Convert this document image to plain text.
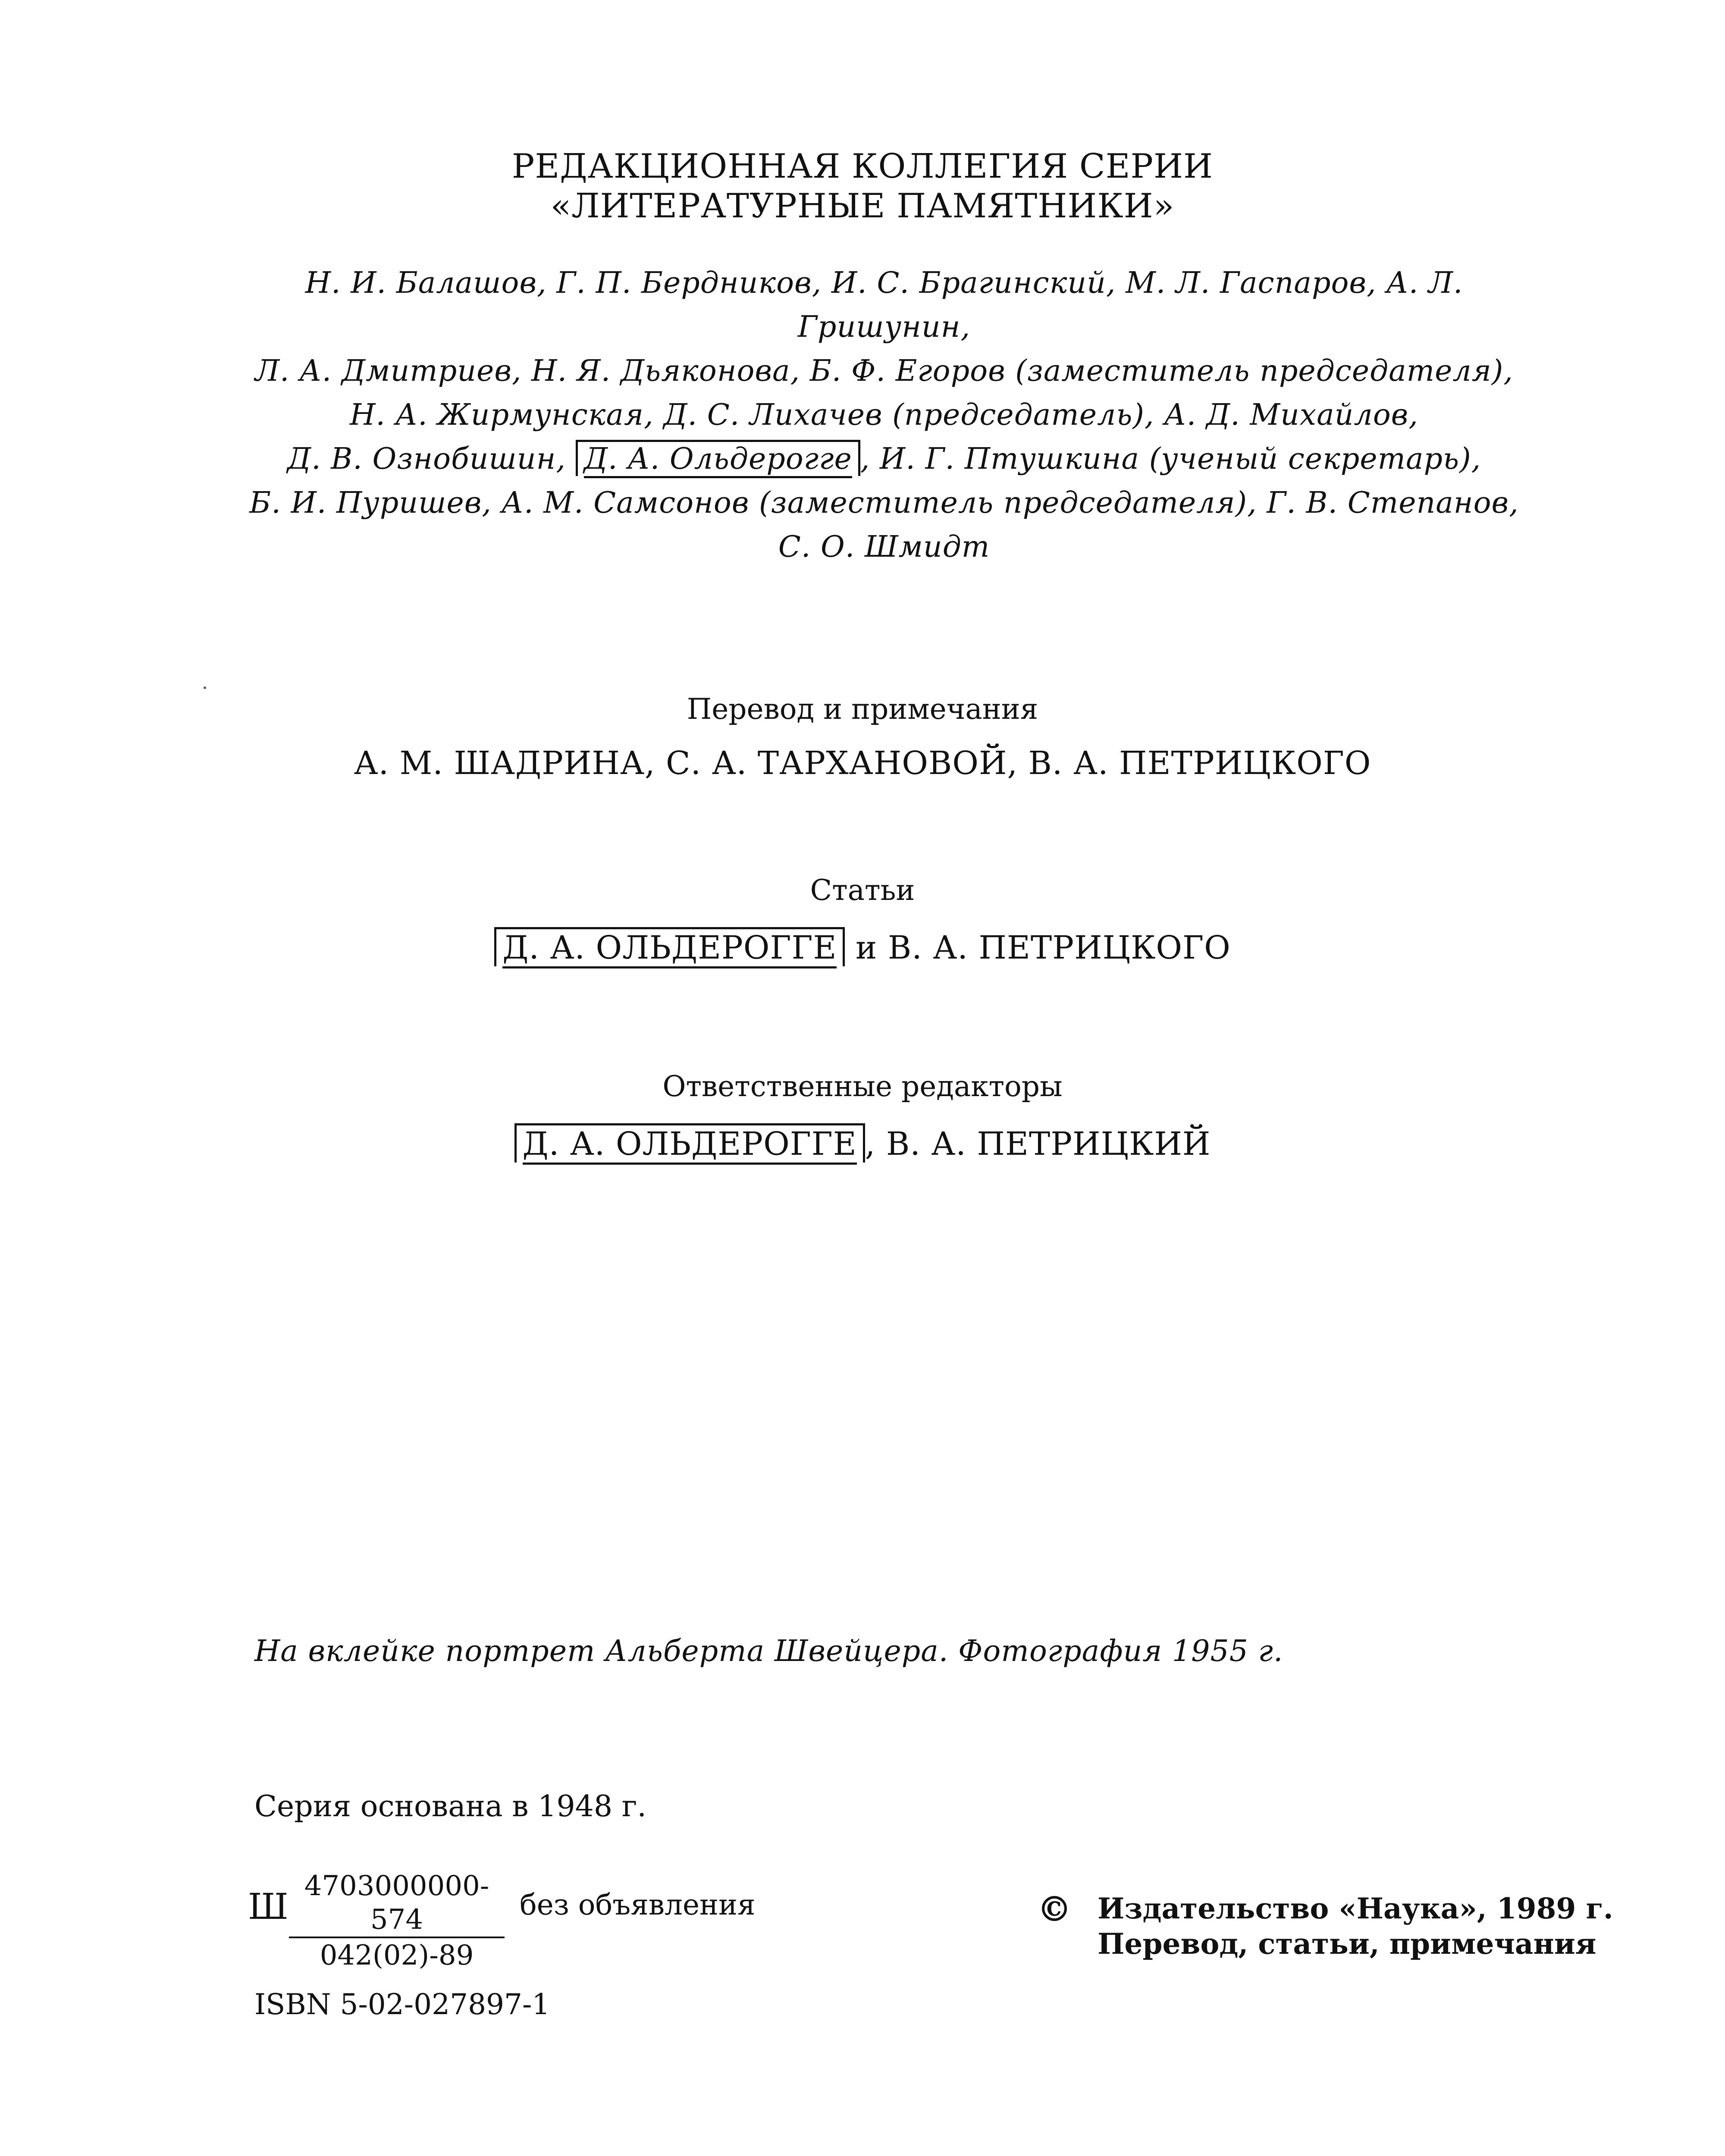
РЕДАКЦИОННАЯ КОЛЛЕГИЯ СЕРИИ
«ЛИТЕРАТУРНЫЕ ПАМЯТНИКИ»
Н. И. Балашов, Г. П. Бердников, И. С. Брагинский, М. Л. Гаспаров, А. Л. Гришунин,
Л. А. Дмитриев, Н. Я. Дьяконова, Б. Ф. Егоров (заместитель председателя),
Н. А. Жирмунская, Д. С. Лихачев (председатель), А. Д. Михайлов,
Д. В. Ознобишин, Д. А. Ольдерогге , И. Г. Птушкина (ученый секретарь),
Б. И. Пуришев, А. М. Самсонов (заместитель председателя), Г. В. Степанов,
С. О. Шмидт
Перевод и примечания
А. М. ШАДРИНА, С. А. ТАРХАНОВОЙ, В. А. ПЕТРИЦКОГО
Статьи
Д. А. ОЛЬДЕРОГГЕ и В. А. ПЕТРИЦКОГО
Ответственные редакторы
Д. А. ОЛЬДЕРОГГЕ , В. А. ПЕТРИЦКИЙ
На вклейке портрет Альберта Швейцера. Фотография 1955 г.
Серия основана в 1948 г.
Ш $\frac{4703000000-574}{042(02)-89}$ без объявления
ISBN 5-02-027897-1
© Издательство «Наука», 1989 г.
Перевод, статьи, примечания
